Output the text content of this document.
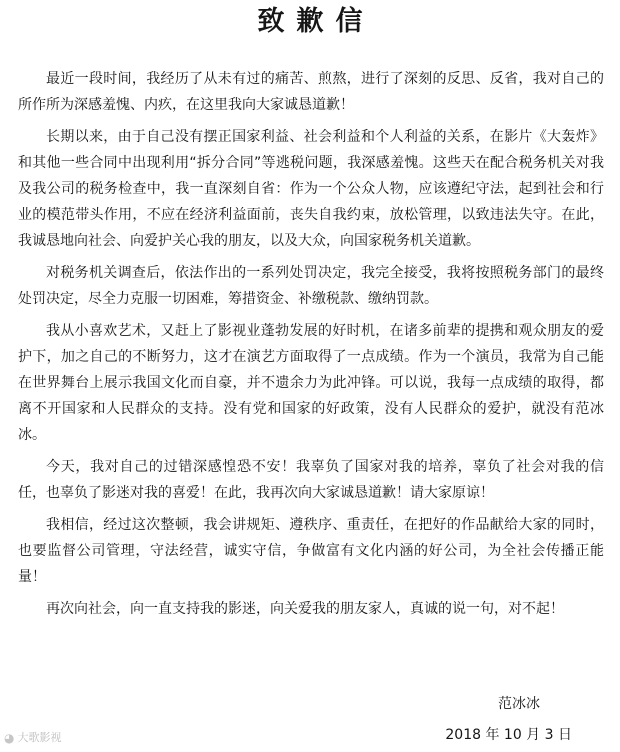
致歉信

最近一段时间，我经历了从未有过的痛苦、煎熬，进行了深刻的反思、反省，我对自己的所作所为深感羞愧、内疚，在这里我向大家诚恳道歉！

长期以来，由于自己没有摆正国家利益、社会利益和个人利益的关系，在影片《大轰炸》和其他一些合同中出现利用“拆分合同”等逃税问题，我深感羞愧。这些天在配合税务机关对我及我公司的税务检查中，我一直深刻自省：作为一个公众人物，应该遵纪守法，起到社会和行业的模范带头作用，不应在经济利益面前，丧失自我约束，放松管理，以致违法失守。在此，我诚恳地向社会、向爱护关心我的朋友，以及大众，向国家税务机关道歉。

对税务机关调查后，依法作出的一系列处罚决定，我完全接受，我将按照税务部门的最终处罚决定，尽全力克服一切困难，筹措资金、补缴税款、缴纳罚款。

我从小喜欢艺术，又赶上了影视业蓬勃发展的好时机，在诸多前辈的提携和观众朋友的爱护下，加之自己的不断努力，这才在演艺方面取得了一点成绩。作为一个演员，我常为自己能在世界舞台上展示我国文化而自豪，并不遗余力为此冲锋。可以说，我每一点成绩的取得，都离不开国家和人民群众的支持。没有党和国家的好政策，没有人民群众的爱护，就没有范冰冰。

今天，我对自己的过错深感惶恐不安！我辜负了国家对我的培养，辜负了社会对我的信任，也辜负了影迷对我的喜爱！在此，我再次向大家诚恳道歉！请大家原谅！

我相信，经过这次整顿，我会讲规矩、遵秩序、重责任，在把好的作品献给大家的同时，也要监督公司管理，守法经营，诚实守信，争做富有文化内涵的好公司，为全社会传播正能量！

再次向社会，向一直支持我的影迷，向关爱我的朋友家人，真诚的说一句，对不起！

范冰冰
2018 年 10 月 3 日
◕ 大歌影视
